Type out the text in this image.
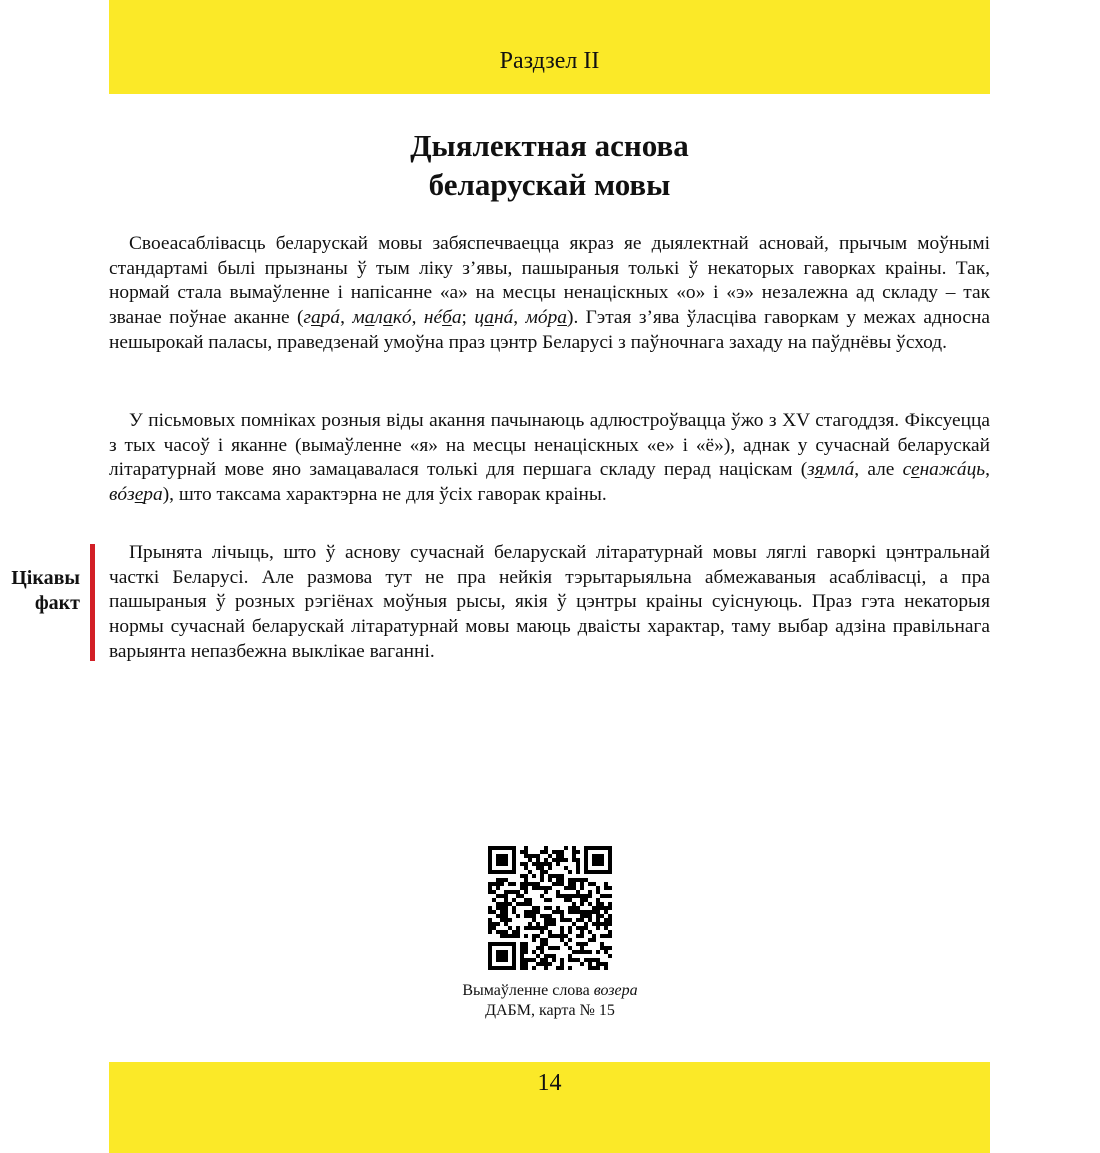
Раздзел II
Дыялектная аснова
беларускай мовы

Своеасаблівасць беларускай мовы забяспечваецца якраз яе дыялектнай асновай, прычым моўнымі стандартамі былі прызнаны ў тым ліку з’явы, пашыраныя толькі ў некаторых гаворках краіны. Так, нормай стала вымаўленне і напісанне «а» на месцы ненацiскных «о» і «э» незалежна ад складу – так званае поўнае аканне (гарá, малакó, нéба; цанá, мóра). Гэтая з’ява ўласціва гаворкам у межах адносна нешырокай паласы, праведзенай умоўна праз цэнтр Беларусі з паўночнага захаду на паўднёвы ўсход.

У пісьмовых помніках розныя віды акання пачынаюць адлюстроўвацца ўжо з XV стагоддзя. Фіксуецца з тых часоў і яканне (вымаўленне «я» на месцы ненацiскных «е» і «ё»), аднак у сучаснай беларускай літаратурнай мове яно замацавалася толькі для першага складу перад націскам (зямлá, але сенажáць, вóзера), што таксама характэрна не для ўсіх гаворак краіны.

Цікавы
факт

Прынята лічыць, што ў аснову сучаснай беларускай літаратурнай мовы ляглі гаворкі цэнтральнай часткі Беларусі. Але размова тут не пра нейкія тэрытарыяльна абмежаваныя асаблівасці, а пра пашыраныя ў розных рэгіёнах моўныя рысы, якія ў цэнтры краіны суіснуюць. Праз гэта некаторыя нормы сучаснай беларускай літаратурнай мовы маюць дваісты характар, таму выбар адзіна правільнага варыянта непазбежна выклікае ваганні.

Вымаўленне слова возера
ДАБМ, карта № 15
14
